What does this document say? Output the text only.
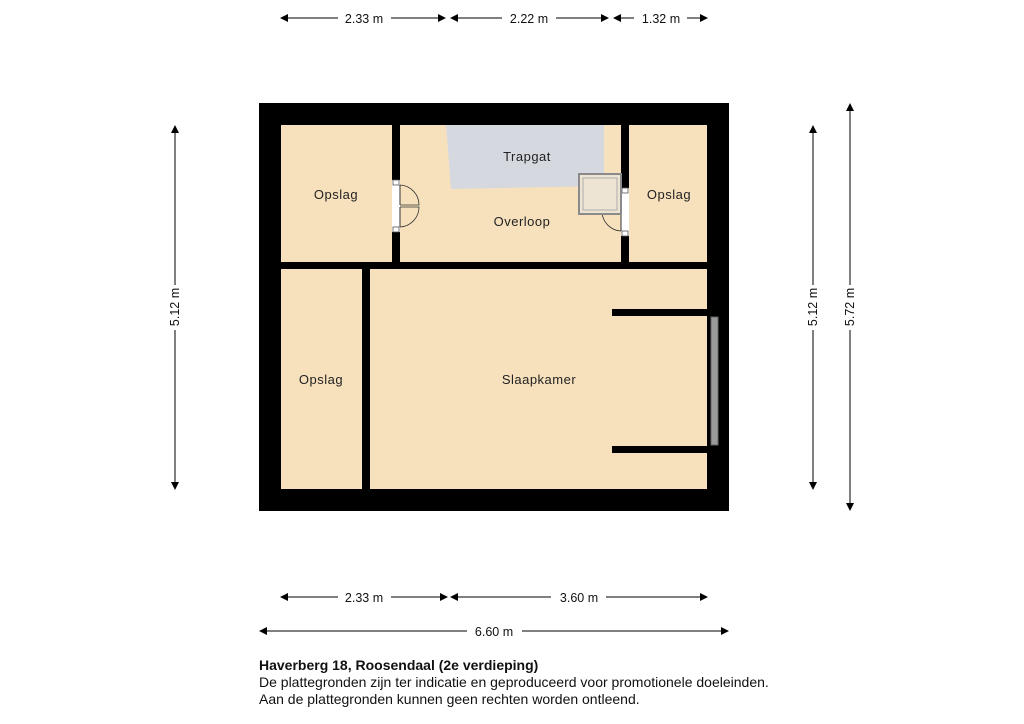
Opslag
Trapgat
Overloop
Opslag
Opslag	Slaapkamer
2.33 m	2.22 m	1.32 m
5.12 m	5.12 m 5.72 m
2.33 m	3.60 m
6.60 m
Haverberg 18, Roosendaal (2e verdieping)
De plattegronden zijn ter indicatie en geproduceerd voor promotionele doeleinden.
Aan de plattegronden kunnen geen rechten worden ontleend.
